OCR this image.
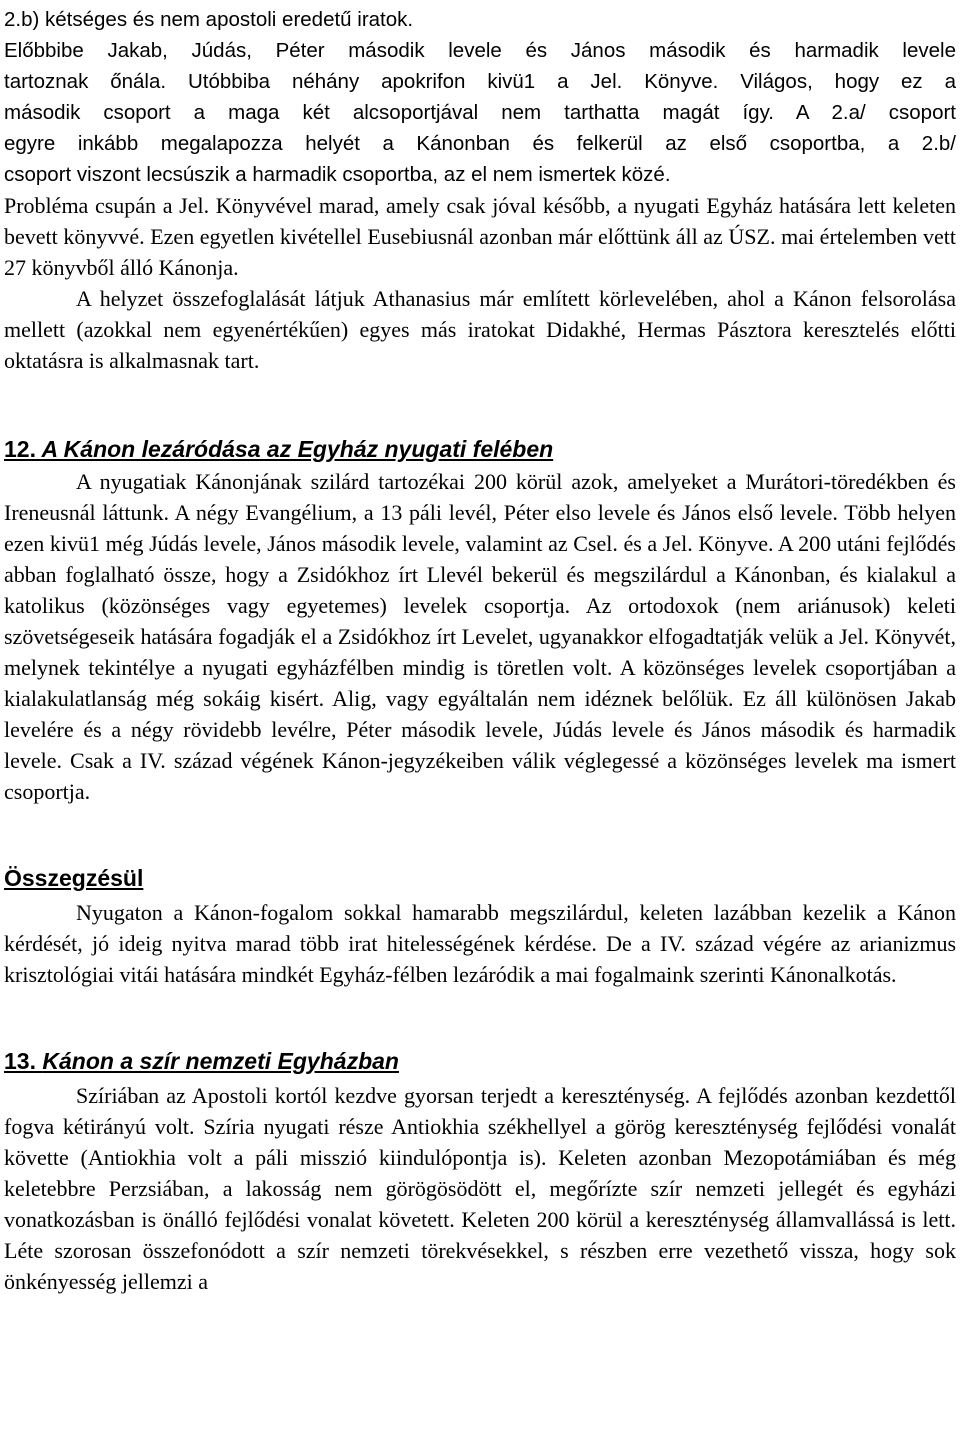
2.b) kétséges és nem apostoli eredetű iratok.

Előbbibe Jakab, Júdás, Péter második levele és János második és harmadik levele

tartoznak őnála. Utóbbiba néhány apokrifon kivü1 a Jel. Könyve. Világos, hogy ez a

második csoport a maga két alcsoportjával nem tarthatta magát így. A 2.a/ csoport

egyre inkább megalapozza helyét a Kánonban és felkerül az első csoportba, a 2.b/

csoport viszont lecsúszik a harmadik csoportba, az el nem ismertek közé.

Probléma csupán a Jel. Könyvével marad, amely csak jóval később, a nyugati Egyház hatására lett keleten bevett könyvvé. Ezen egyetlen kivétellel Eusebiusnál azonban már előttünk áll az ÚSZ. mai értelemben vett 27 könyvből álló Kánonja.

A helyzet összefoglalását látjuk Athanasius már említett körlevelében, ahol a Kánon felsorolása mellett (azokkal nem egyenértékűen) egyes más iratokat Didakhé, Hermas Pásztora keresztelés előtti oktatásra is alkalmasnak tart.

12. A Kánon lezáródása az Egyház nyugati felében

A nyugatiak Kánonjának szilárd tartozékai 200 körül azok, amelyeket a Murátori-töredékben és Ireneusnál láttunk. A négy Evangélium, a 13 páli levél, Péter elso levele és János első levele. Több helyen ezen kivü1 még Júdás levele, János második levele, valamint az Csel. és a Jel. Könyve. A 200 utáni fejlődés abban foglalható össze, hogy a Zsidókhoz írt Llevél bekerül és megszilárdul a Kánonban, és kialakul a katolikus (közönséges vagy egyetemes) levelek csoportja. Az ortodoxok (nem ariánusok) keleti szövetségeseik hatására fogadják el a Zsidókhoz írt Levelet, ugyanakkor elfogadtatják velük a Jel. Könyvét, melynek tekintélye a nyugati egyházfélben mindig is töretlen volt. A közönséges levelek csoportjában a kialakulatlanság még sokáig kisért. Alig, vagy egyáltalán nem idéznek belőlük. Ez áll különösen Jakab levelére és a négy rövidebb levélre, Péter második levele, Júdás levele és János második és harmadik levele. Csak a IV. század végének Kánon-jegyzékeiben válik véglegessé a közönséges levelek ma ismert csoportja.

Összegzésül

Nyugaton a Kánon-fogalom sokkal hamarabb megszilárdul, keleten lazábban kezelik a Kánon kérdését, jó ideig nyitva marad több irat hitelességének kérdése. De a IV. század végére az arianizmus krisztológiai vitái hatására mindkét Egyház-félben lezáródik a mai fogalmaink szerinti Kánonalkotás.

13. Kánon a szír nemzeti Egyházban

Szíriában az Apostoli kortól kezdve gyorsan terjedt a kereszténység. A fejlődés azonban kezdettől fogva kétirányú volt. Szíria nyugati része Antiokhia székhellyel a görög kereszténység fejlődési vonalát követte (Antiokhia volt a páli misszió kiindulópontja is). Keleten azonban Mezopotámiában és még keletebbre Perzsiában, a lakosság nem görögösödött el, megőrízte szír nemzeti jellegét és egyházi vonatkozásban is önálló fejlődési vonalat követett. Keleten 200 körül a kereszténység államvallássá is lett. Léte szorosan összefonódott a szír nemzeti törekvésekkel, s részben erre vezethető vissza, hogy sok önkényesség jellemzi a
